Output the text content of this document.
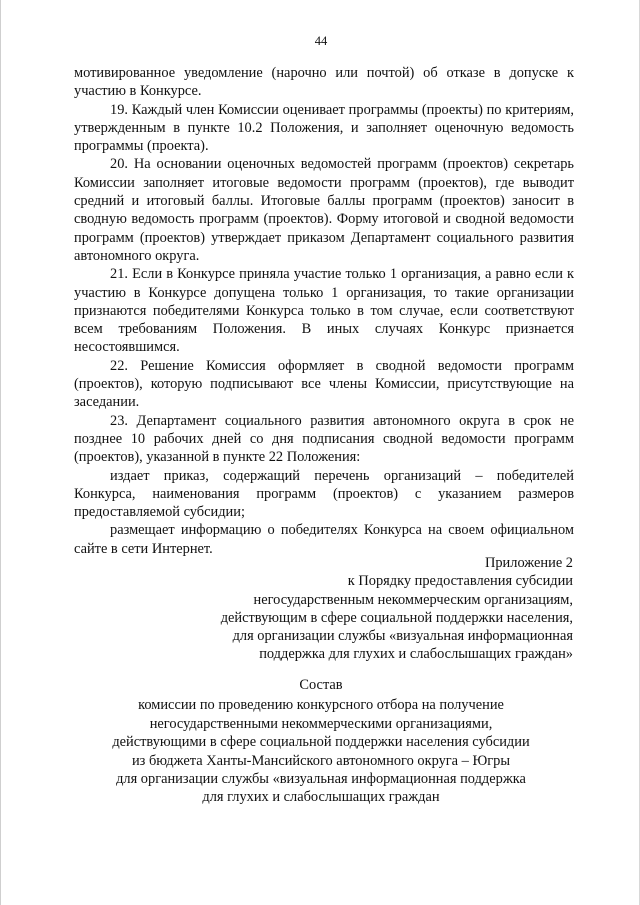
44

мотивированное уведомление (нарочно или почтой) об отказе в допуске к участию в Конкурсе.

19. Каждый член Комиссии оценивает программы (проекты) по критериям, утвержденным в пункте 10.2 Положения, и заполняет оценочную ведомость программы (проекта).

20. На основании оценочных ведомостей программ (проектов) секретарь Комиссии заполняет итоговые ведомости программ (проектов), где выводит средний и итоговый баллы. Итоговые баллы программ (проектов) заносит в сводную ведомость программ (проектов). Форму итоговой и сводной ведомости программ (проектов) утверждает приказом Департамент социального развития автономного округа.

21. Если в Конкурсе приняла участие только 1 организация, а равно если к участию в Конкурсе допущена только 1 организация, то такие организации признаются победителями Конкурса только в том случае, если соответствуют всем требованиям Положения. В иных случаях Конкурс признается несостоявшимся.

22. Решение Комиссия оформляет в сводной ведомости программ (проектов), которую подписывают все члены Комиссии, присутствующие на заседании.

23. Департамент социального развития автономного округа в срок не позднее 10 рабочих дней со дня подписания сводной ведомости программ (проектов), указанной в пункте 22 Положения:

издает приказ, содержащий перечень организаций – победителей Конкурса, наименования программ (проектов) с указанием размеров предоставляемой субсидии;

размещает информацию о победителях Конкурса на своем официальном сайте в сети Интернет.

Приложение 2
к Порядку предоставления субсидии
негосударственным некоммерческим организациям,
действующим в сфере социальной поддержки населения,
для организации службы «визуальная информационная
поддержка для глухих и слабослышащих граждан»
Состав
комиссии по проведению конкурсного отбора на получение
негосударственными некоммерческими организациями,
действующими в сфере социальной поддержки населения субсидии
из бюджета Ханты-Мансийского автономного округа – Югры
для организации службы «визуальная информационная поддержка
для глухих и слабослышащих граждан
